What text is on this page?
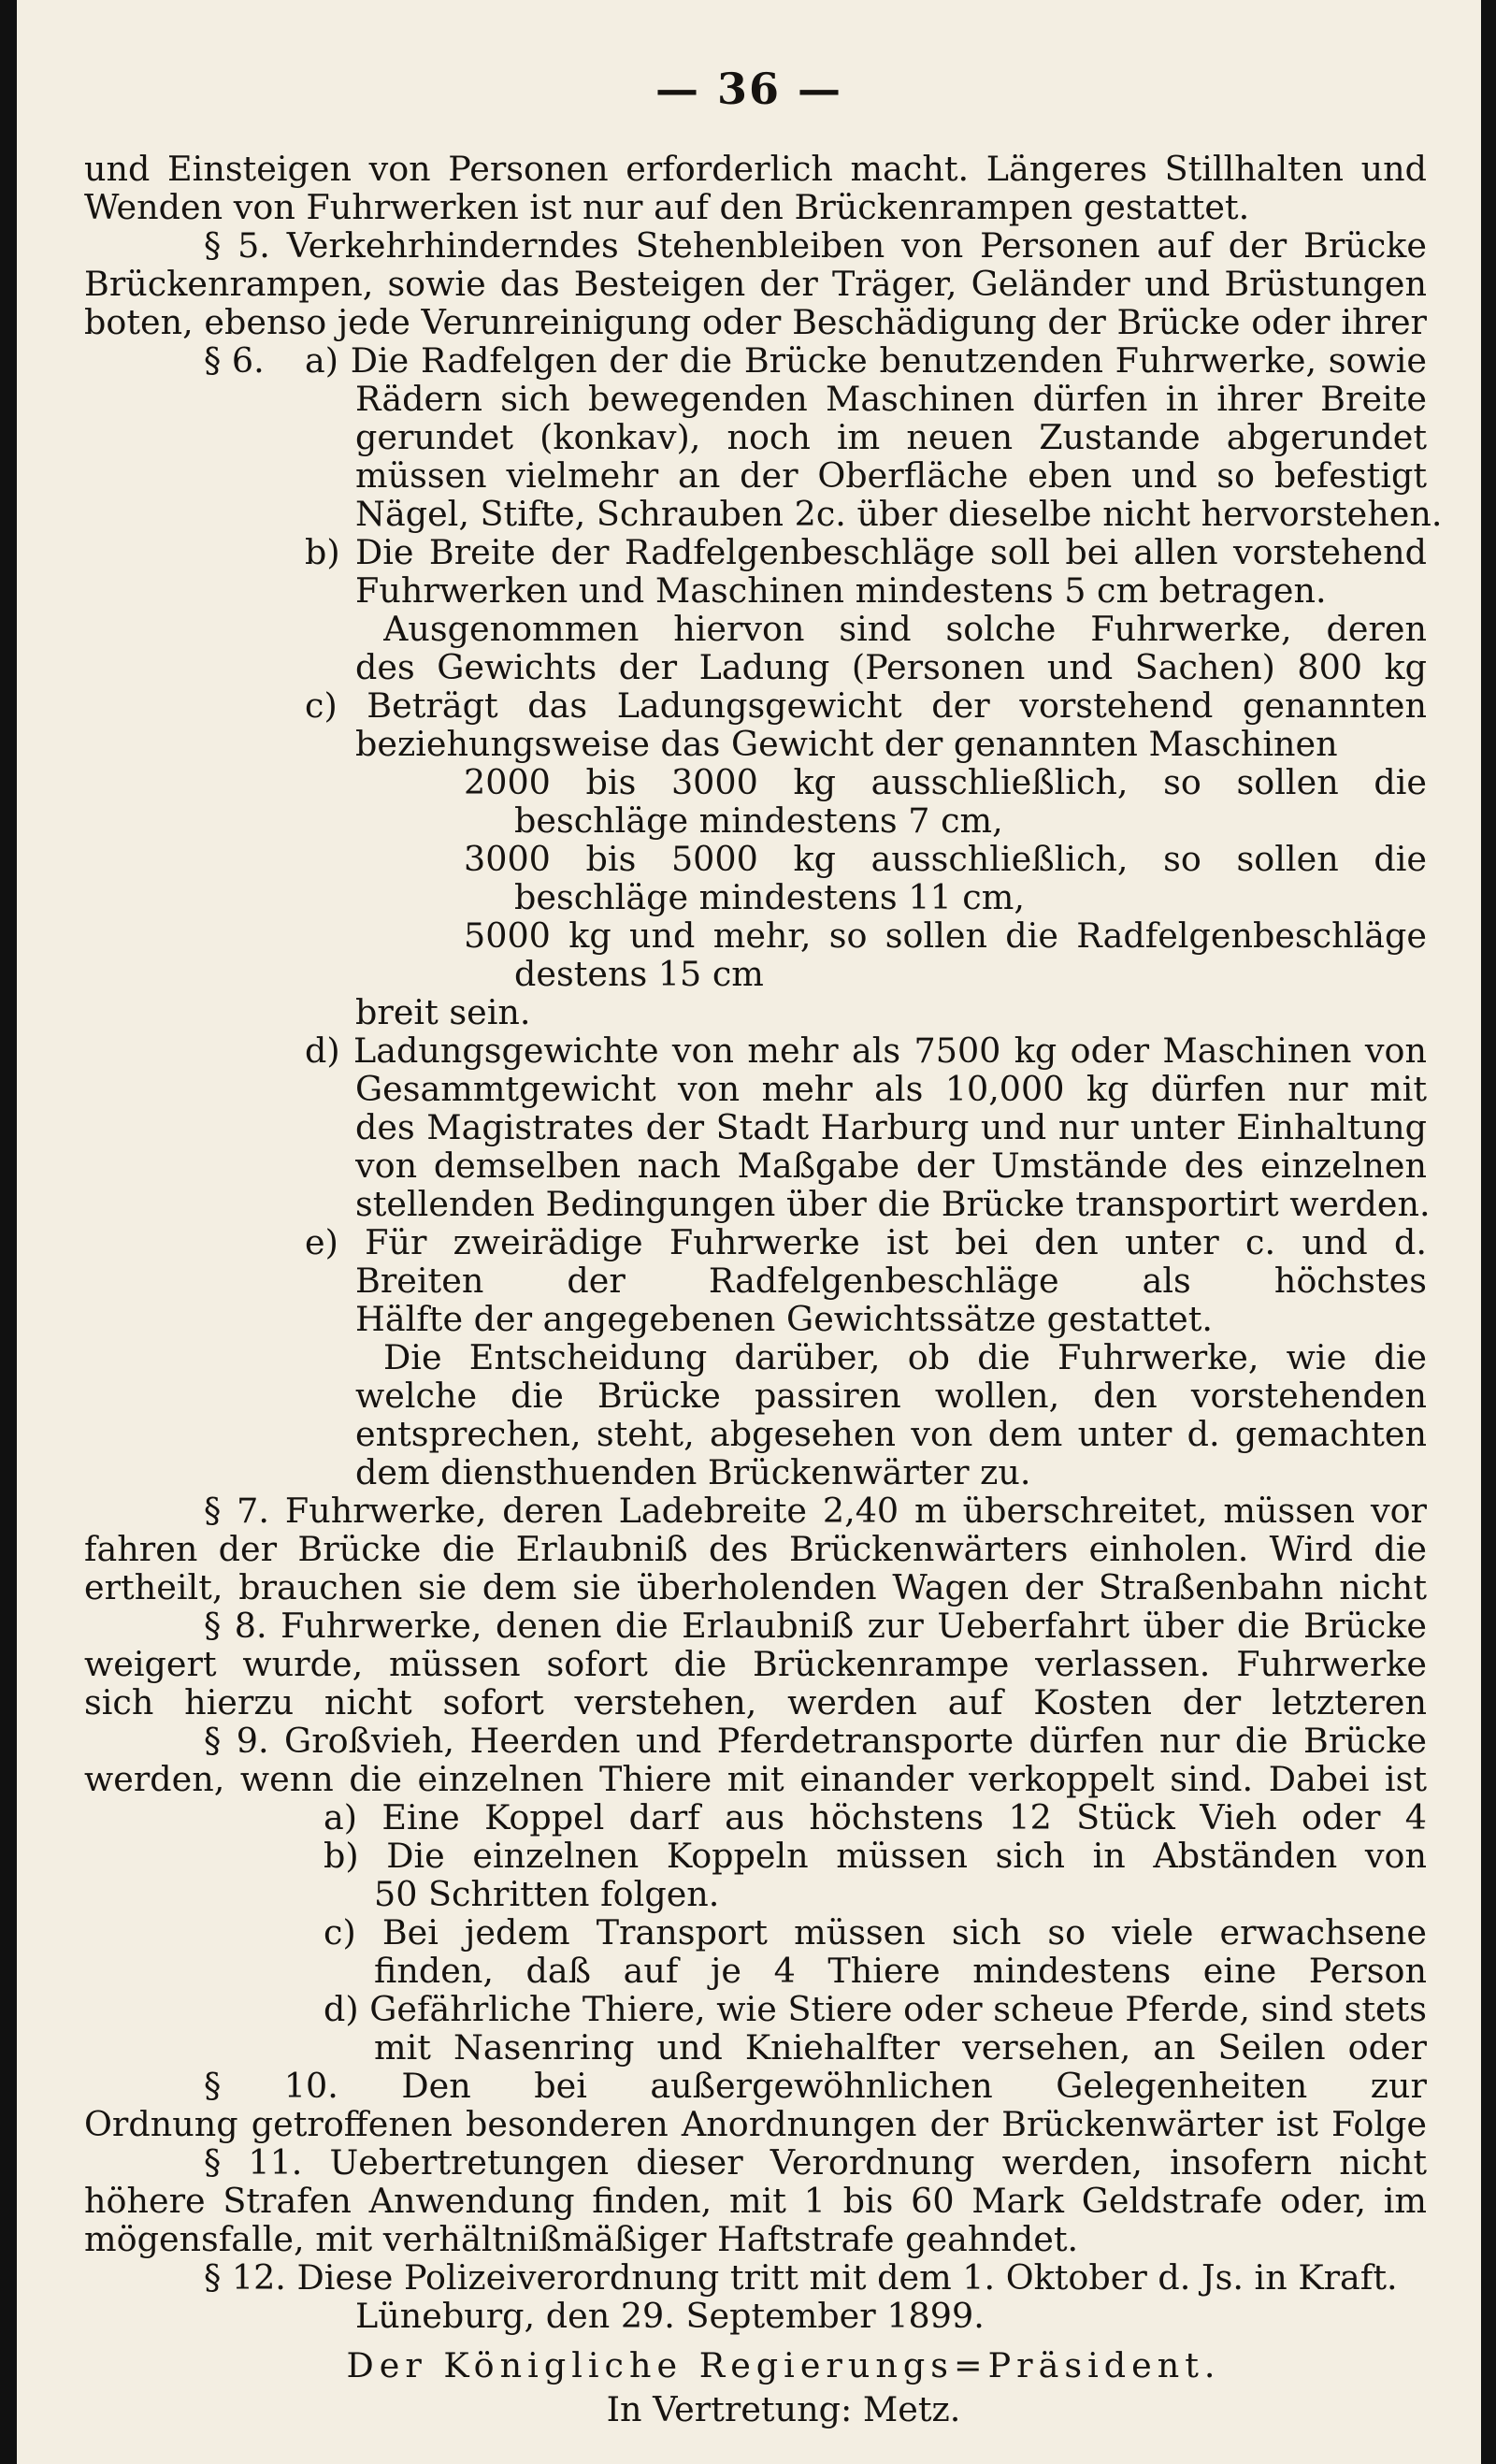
— 36 —
und Einsteigen von Personen erforderlich macht. Längeres Stillhalten und
Wenden von Fuhrwerken ist nur auf den Brückenrampen gestattet.
§ 5. Verkehrhinderndes Stehenbleiben von Personen auf der Brücke
Brückenrampen, sowie das Besteigen der Träger, Geländer und Brüstungen
boten, ebenso jede Verunreinigung oder Beschädigung der Brücke oder ihrer
§ 6. a) Die Radfelgen der die Brücke benutzenden Fuhrwerke, sowie
Rädern sich bewegenden Maschinen dürfen in ihrer Breite
gerundet (konkav), noch im neuen Zustande abgerundet
müssen vielmehr an der Oberfläche eben und so befestigt
Nägel, Stifte, Schrauben 2c. über dieselbe nicht hervorstehen.
b) Die Breite der Radfelgenbeschläge soll bei allen vorstehend
Fuhrwerken und Maschinen mindestens 5 cm betragen.
Ausgenommen hiervon sind solche Fuhrwerke, deren
des Gewichts der Ladung (Personen und Sachen) 800 kg
c) Beträgt das Ladungsgewicht der vorstehend genannten
beziehungsweise das Gewicht der genannten Maschinen
2000 bis 3000 kg ausschließlich, so sollen die
beschläge mindestens 7 cm,
3000 bis 5000 kg ausschließlich, so sollen die
beschläge mindestens 11 cm,
5000 kg und mehr, so sollen die Radfelgenbeschläge
destens 15 cm
breit sein.
d) Ladungsgewichte von mehr als 7500 kg oder Maschinen von
Gesammtgewicht von mehr als 10,000 kg dürfen nur mit
des Magistrates der Stadt Harburg und nur unter Einhaltung
von demselben nach Maßgabe der Umstände des einzelnen
stellenden Bedingungen über die Brücke transportirt werden.
e) Für zweirädige Fuhrwerke ist bei den unter c. und d.
Breiten der Radfelgenbeschläge als höchstes
Hälfte der angegebenen Gewichtssätze gestattet.
Die Entscheidung darüber, ob die Fuhrwerke, wie die
welche die Brücke passiren wollen, den vorstehenden
entsprechen, steht, abgesehen von dem unter d. gemachten
dem diensthuenden Brückenwärter zu.
§ 7. Fuhrwerke, deren Ladebreite 2,40 m überschreitet, müssen vor
fahren der Brücke die Erlaubniß des Brückenwärters einholen. Wird die
ertheilt, brauchen sie dem sie überholenden Wagen der Straßenbahn nicht
§ 8. Fuhrwerke, denen die Erlaubniß zur Ueberfahrt über die Brücke
weigert wurde, müssen sofort die Brückenrampe verlassen. Fuhrwerke
sich hierzu nicht sofort verstehen, werden auf Kosten der letzteren
§ 9. Großvieh, Heerden und Pferdetransporte dürfen nur die Brücke
werden, wenn die einzelnen Thiere mit einander verkoppelt sind. Dabei ist
a) Eine Koppel darf aus höchstens 12 Stück Vieh oder 4
b) Die einzelnen Koppeln müssen sich in Abständen von
50 Schritten folgen.
c) Bei jedem Transport müssen sich so viele erwachsene
finden, daß auf je 4 Thiere mindestens eine Person
d) Gefährliche Thiere, wie Stiere oder scheue Pferde, sind stets
mit Nasenring und Kniehalfter versehen, an Seilen oder
§ 10. Den bei außergewöhnlichen Gelegenheiten zur
Ordnung getroffenen besonderen Anordnungen der Brückenwärter ist Folge
§ 11. Uebertretungen dieser Verordnung werden, insofern nicht
höhere Strafen Anwendung finden, mit 1 bis 60 Mark Geldstrafe oder, im
mögensfalle, mit verhältnißmäßiger Haftstrafe geahndet.
§ 12. Diese Polizeiverordnung tritt mit dem 1. Oktober d. Js. in Kraft.
Lüneburg, den 29. September 1899.
Der Königliche Regierungs=Präsident.
In Vertretung: Metz.
